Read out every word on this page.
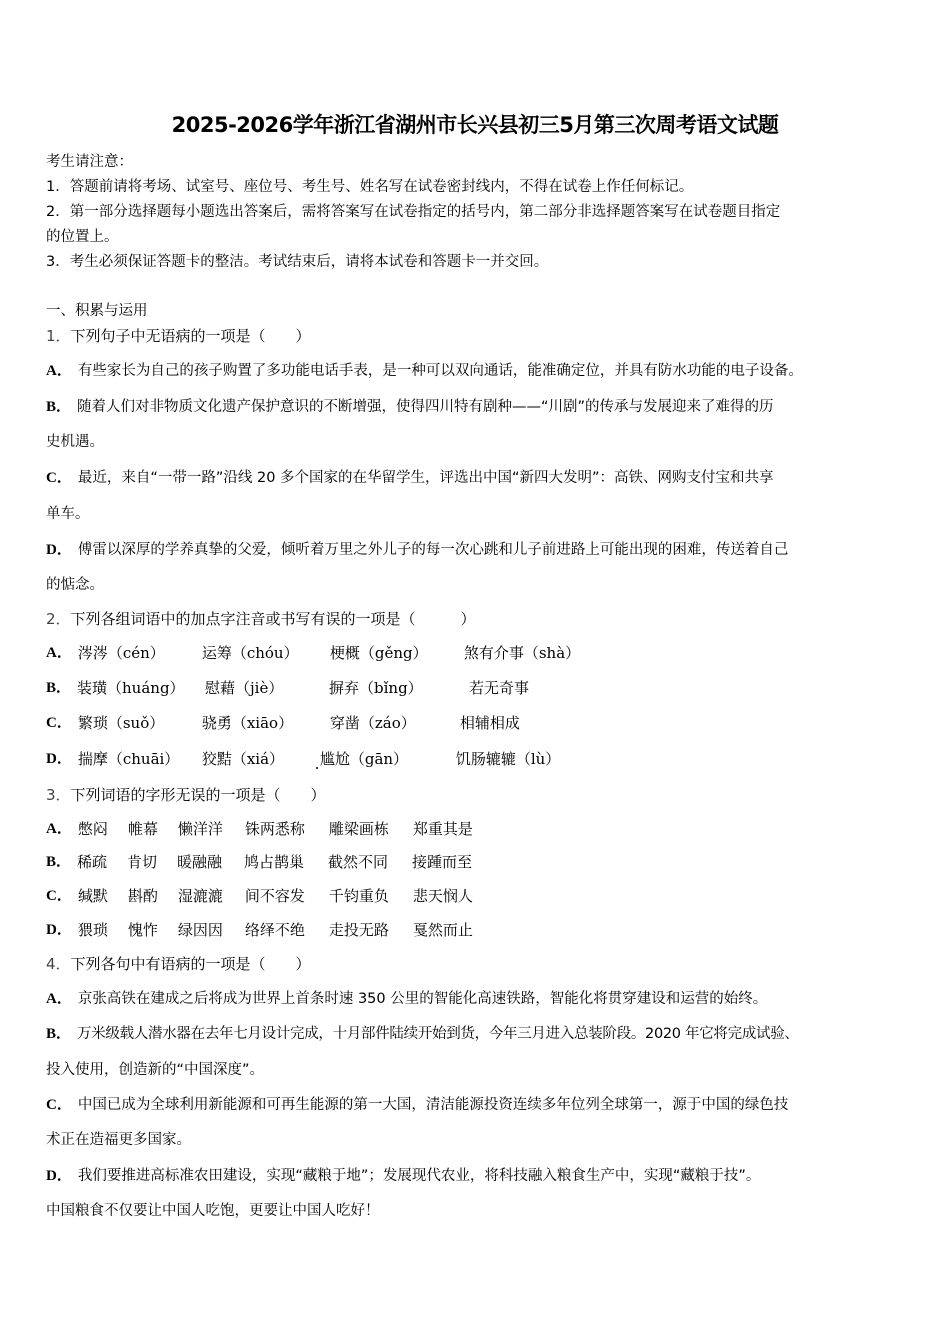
2025-2026学年浙江省湖州市长兴县初三5月第三次周考语文试题
考生请注意：
1．答题前请将考场、试室号、座位号、考生号、姓名写在试卷密封线内，不得在试卷上作任何标记。
2．第一部分选择题每小题选出答案后，需将答案写在试卷指定的括号内，第二部分非选择题答案写在试卷题目指定
的位置上。
3．考生必须保证答题卡的整洁。考试结束后，请将本试卷和答题卡一并交回。
一、积累与运用
1．下列句子中无语病的一项是（　　）
A． 有些家长为自己的孩子购置了多功能电话手表，是一种可以双向通话，能准确定位，并具有防水功能的电子设备。
B． 随着人们对非物质文化遗产保护意识的不断增强，使得四川特有剧种——“川剧”的传承与发展迎来了难得的历
史机遇。
C． 最近，来自“一带一路”沿线 20 多个国家的在华留学生，评选出中国“新四大发明”：高铁、网购支付宝和共享
单车。
D． 傅雷以深厚的学养真挚的父爱，倾听着万里之外儿子的每一次心跳和儿子前进路上可能出现的困难，传送着自己
的惦念。
2．下列各组词语中的加点字注音或书写有误的一项是（　　　）
A． 涔涔（cén）	运筹（chóu）	梗概（gěng）	煞有介事（shà）
B． 装璜（huáng）	慰藉（jiè）	摒弃（bǐng）	若无奇事
C． 繁琐（suǒ）	骁勇（xiāo）	穿凿（záo）	相辅相成
D． 揣摩（chuāi）	狡黠（xiá）	尴尬（gān）	饥肠辘辘（lù）
3．下列词语的字形无误的一项是（　　）
A． 憋闷	帷幕	懒洋洋	铢两悉称	雕梁画栋	郑重其是
B． 稀疏	肯切	暖融融	鸠占鹊巢	截然不同	接踵而至
C． 缄默	斟酌	湿漉漉	间不容发	千钧重负	悲天悯人
D． 猥琐	愧怍	绿因因	络绎不绝	走投无路	戛然而止
4．下列各句中有语病的一项是（　　）
A． 京张高铁在建成之后将成为世界上首条时速 350 公里的智能化高速铁路，智能化将贯穿建设和运营的始终。
B． 万米级载人潜水器在去年七月设计完成，十月部件陆续开始到货，今年三月进入总装阶段。2020 年它将完成试验、
投入使用，创造新的“中国深度”。
C． 中国已成为全球利用新能源和可再生能源的第一大国，清洁能源投资连续多年位列全球第一，源于中国的绿色技
术正在造福更多国家。
D． 我们要推进高标准农田建设，实现“藏粮于地”；发展现代农业，将科技融入粮食生产中，实现“藏粮于技”。
中国粮食不仅要让中国人吃饱，更要让中国人吃好！
